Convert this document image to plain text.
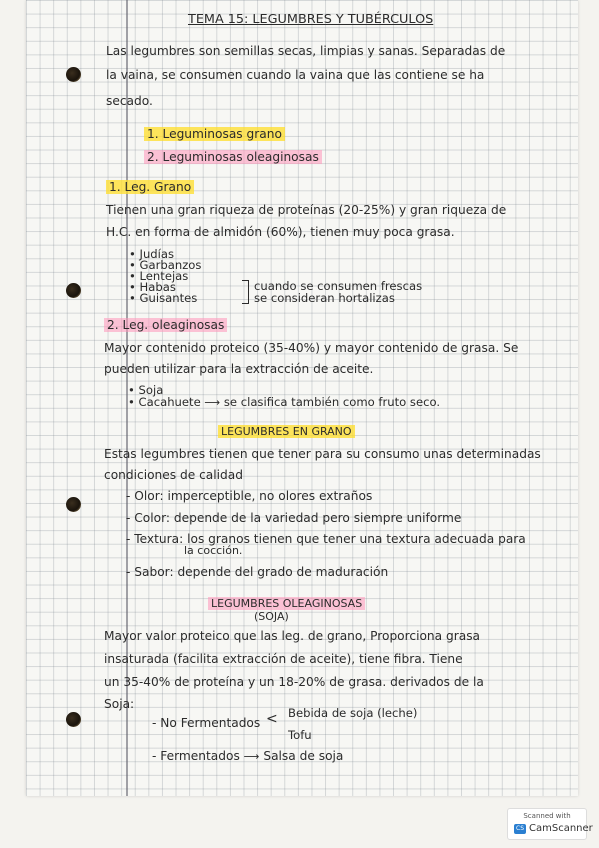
TEMA 15: LEGUMBRES Y TUBÉRCULOS
Las legumbres son semillas secas, limpias y sanas. Separadas de
la vaina, se consumen cuando la vaina que las contiene se ha
secado.
1. Leguminosas grano
2. Leguminosas oleaginosas
1. Leg. Grano
Tienen una gran riqueza de proteínas (20-25%) y gran riqueza de
H.C. en forma de almidón (60%), tienen muy poca grasa.
• Judías
• Garbanzos
• Lentejas
• Habas
• Guisantes
cuando se consumen frescas
se consideran hortalizas
2. Leg. oleaginosas
Mayor contenido proteico (35-40%) y mayor contenido de grasa. Se
pueden utilizar para la extracción de aceite.
• Soja
• Cacahuete ⟶ se clasifica también como fruto seco.
LEGUMBRES EN GRANO
Estas legumbres tienen que tener para su consumo unas determinadas
condiciones de calidad
- Olor: imperceptible, no olores extraños
- Color: depende de la variedad pero siempre uniforme
- Textura: los granos tienen que tener una textura adecuada para
la cocción.
- Sabor: depende del grado de maduración
LEGUMBRES OLEAGINOSAS
(SOJA)
Mayor valor proteico que las leg. de grano, Proporciona grasa
insaturada (facilita extracción de aceite), tiene fibra. Tiene
un 35-40% de proteína y un 18-20% de grasa. derivados de la
Soja:
- No Fermentados < Bebida de soja (leche)
Tofu
- Fermentados ⟶ Salsa de soja
Scanned with
CS CamScanner
